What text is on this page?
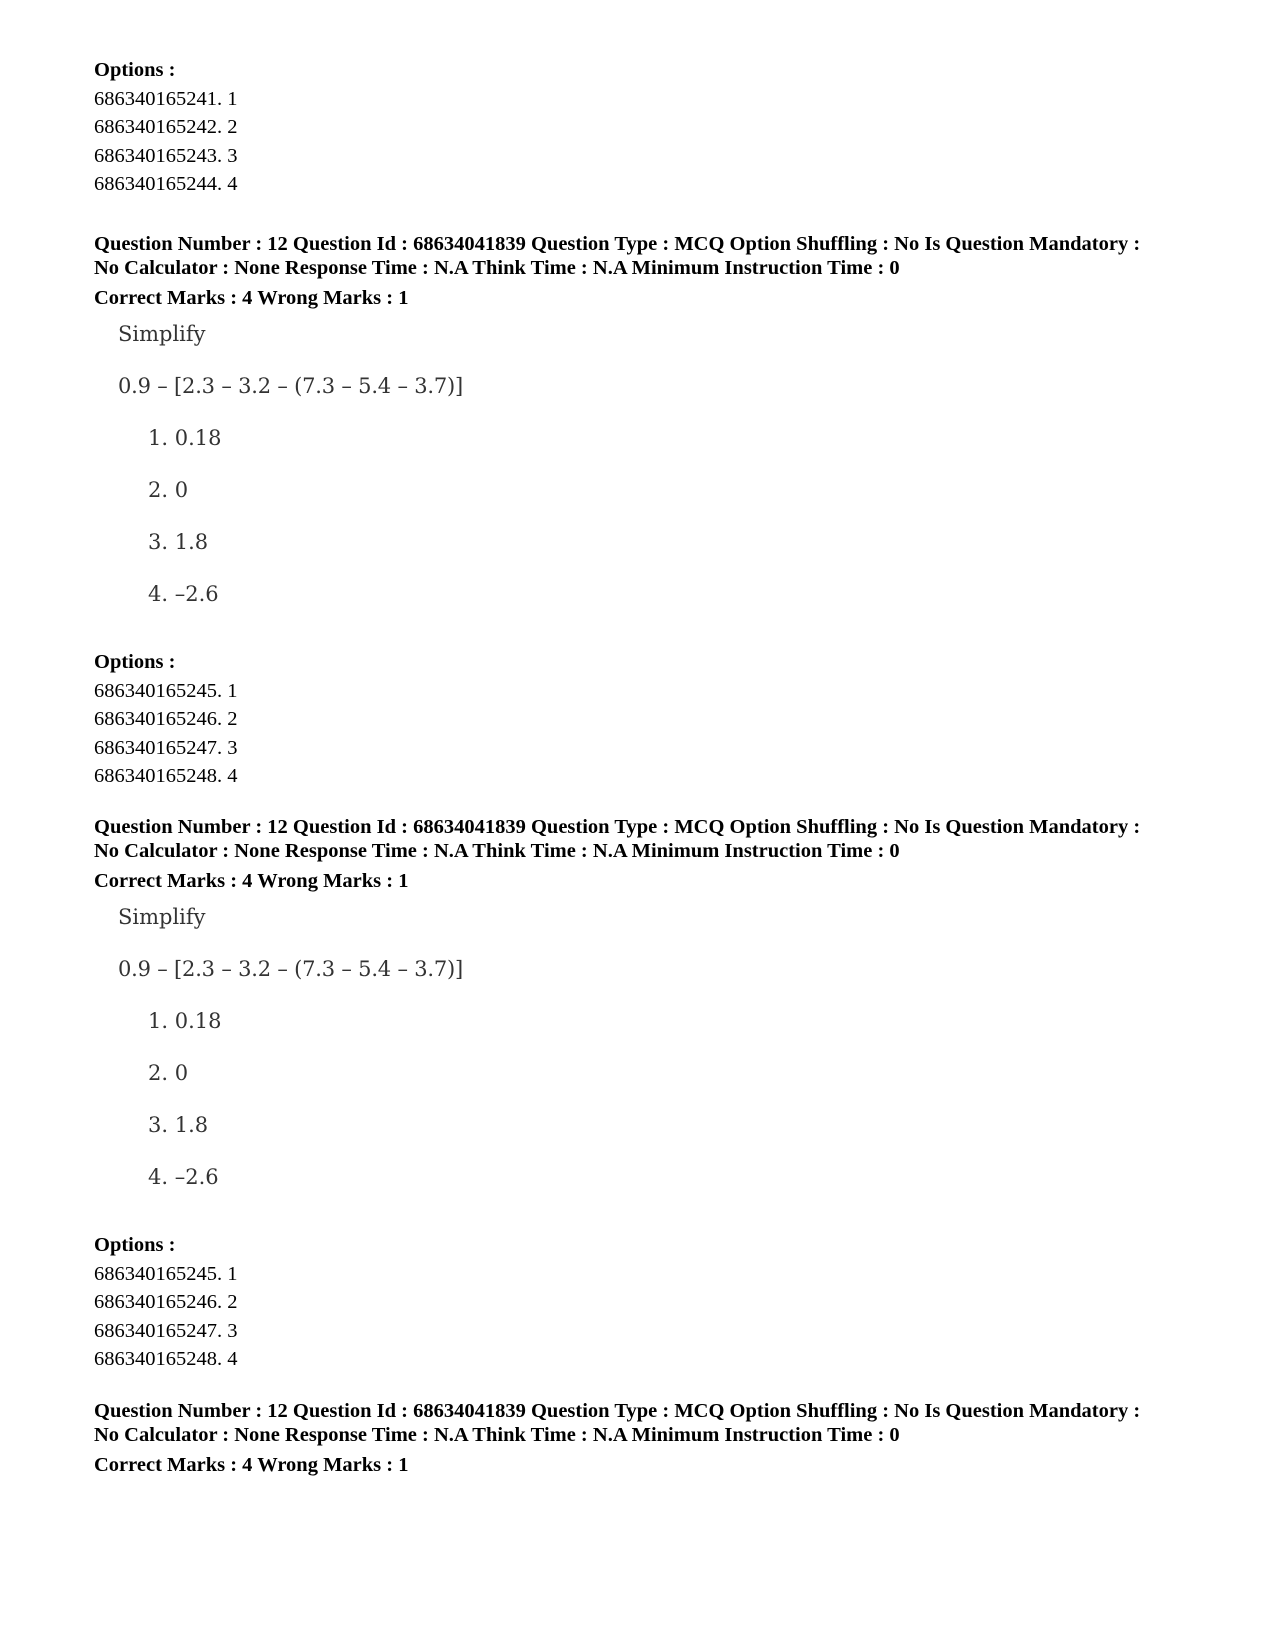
Options :
686340165241. 1
686340165242. 2
686340165243. 3
686340165244. 4
Question Number : 12 Question Id : 68634041839 Question Type : MCQ Option Shuffling : No Is Question Mandatory :
No Calculator : None Response Time : N.A Think Time : N.A Minimum Instruction Time : 0
Correct Marks : 4 Wrong Marks : 1
Simplify
0.9 – [2.3 – 3.2 – (7.3 – 5.4 – 3.7)]
1. 0.18
2. 0
3. 1.8
4. –2.6
Options :
686340165245. 1
686340165246. 2
686340165247. 3
686340165248. 4
Question Number : 12 Question Id : 68634041839 Question Type : MCQ Option Shuffling : No Is Question Mandatory :
No Calculator : None Response Time : N.A Think Time : N.A Minimum Instruction Time : 0
Correct Marks : 4 Wrong Marks : 1
Simplify
0.9 – [2.3 – 3.2 – (7.3 – 5.4 – 3.7)]
1. 0.18
2. 0
3. 1.8
4. –2.6
Options :
686340165245. 1
686340165246. 2
686340165247. 3
686340165248. 4
Question Number : 12 Question Id : 68634041839 Question Type : MCQ Option Shuffling : No Is Question Mandatory :
No Calculator : None Response Time : N.A Think Time : N.A Minimum Instruction Time : 0
Correct Marks : 4 Wrong Marks : 1
